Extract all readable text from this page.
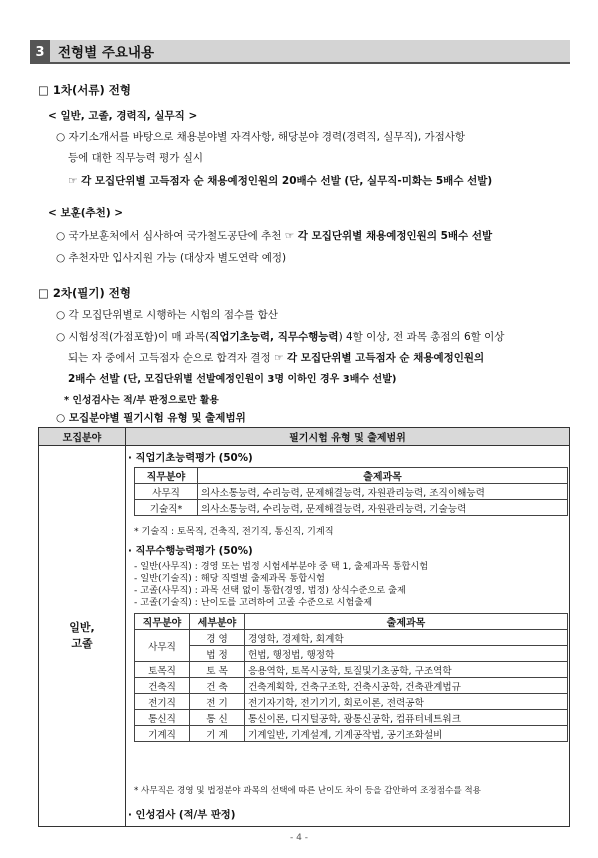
3 전형별 주요내용
□ 1차(서류) 전형
< 일반, 고졸, 경력직, 실무직 >
○ 자기소개서를 바탕으로 채용분야별 자격사항, 해당분야 경력(경력직, 실무직), 가점사항
등에 대한 직무능력 평가 실시
☞ 각 모집단위별 고득점자 순 채용예정인원의 20배수 선발 (단, 실무직-미화는 5배수 선발)
< 보훈(추천) >
○ 국가보훈처에서 심사하여 국가철도공단에 추천 ☞ 각 모집단위별 채용예정인원의 5배수 선발
○ 추천자만 입사지원 가능 (대상자 별도연락 예정)
□ 2차(필기) 전형
○ 각 모집단위별로 시행하는 시험의 점수를 합산
○ 시험성적(가점포함)이 매 과목(직업기초능력, 직무수행능력) 4할 이상, 전 과목 총점의 6할 이상
되는 자 중에서 고득점자 순으로 합격자 결정 ☞ 각 모집단위별 고득점자 순 채용예정인원의
2배수 선발 (단, 모집단위별 선발예정인원이 3명 이하인 경우 3배수 선발)
* 인성검사는 적/부 판정으로만 활용
○ 모집분야별 필기시험 유형 및 출제범위
모집분야	필기시험 유형 및 출제범위
일반,
고졸	
· 직업기초능력평가 (50%)
직무분야	출제과목
사무직	의사소통능력, 수리능력, 문제해결능력, 자원관리능력, 조직이해능력
기술직*	의사소통능력, 수리능력, 문제해결능력, 자원관리능력, 기술능력
* 기술직 : 토목직, 건축직, 전기직, 통신직, 기계직
· 직무수행능력평가 (50%)
- 일반(사무직) : 경영 또는 법정 시험세부분야 중 택 1, 출제과목 통합시험
- 일반(기술직) : 해당 직렬별 출제과목 통합시험
- 고졸(사무직) : 과목 선택 없이 통합(경영, 법정) 상식수준으로 출제
- 고졸(기술직) : 난이도를 고려하여 고졸 수준으로 시험출제
직무분야	세부분야	출제과목
사무직	경 영	경영학, 경제학, 회계학
법 정	헌법, 행정법, 행정학
토목직	토 목	응용역학, 토목시공학, 토질및기초공학, 구조역학
건축직	건 축	건축계획학, 건축구조학, 건축시공학, 건축관계법규
전기직	전 기	전기자기학, 전기기기, 회로이론, 전력공학
통신직	통 신	통신이론, 디지털공학, 광통신공학, 컴퓨터네트워크
기계직	기 계	기계일반, 기계설계, 기계공작법, 공기조화설비
* 사무직은 경영 및 법정분야 과목의 선택에 따른 난이도 차이 등을 감안하여 조정점수를 적용
· 인성검사 (적/부 판정)
- 4 -
